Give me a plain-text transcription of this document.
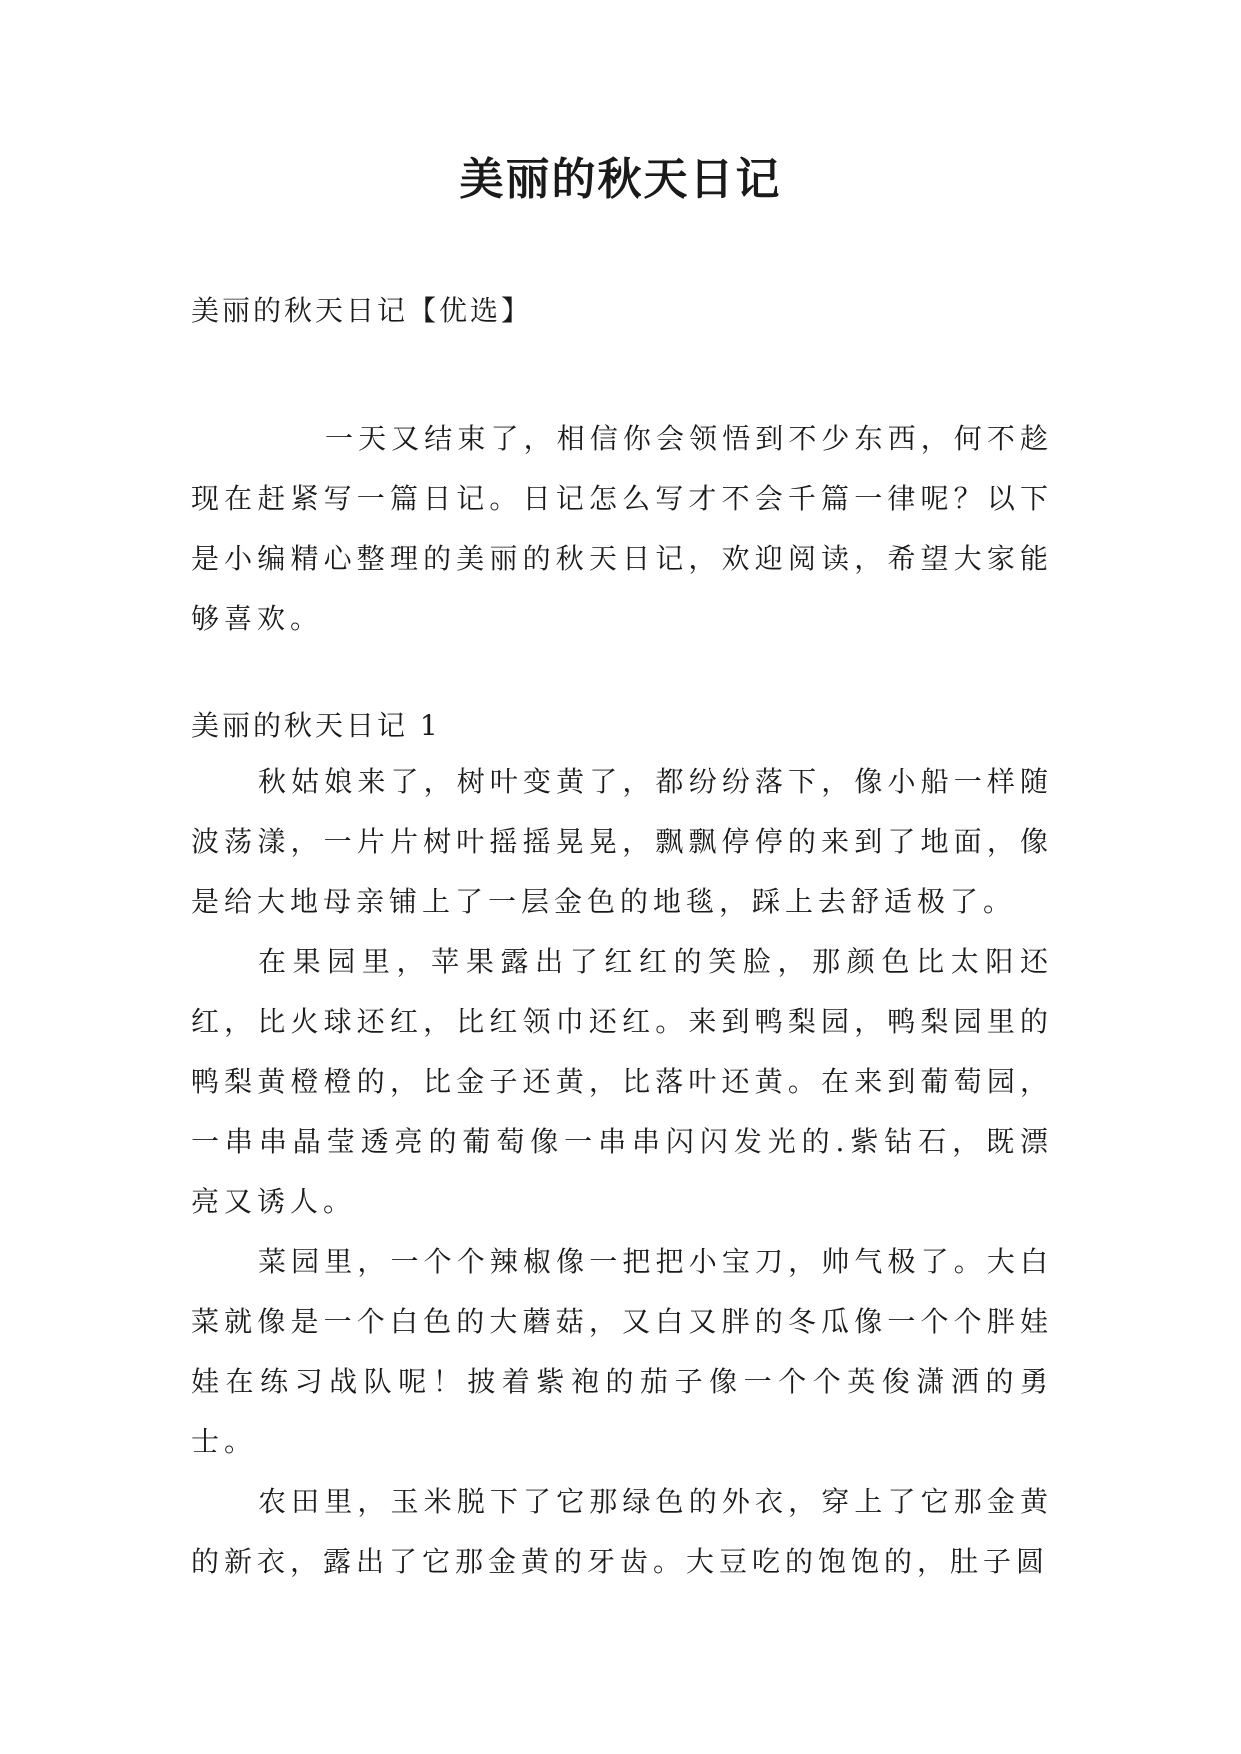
美丽的秋天日记

美丽的秋天日记【优选】

一天又结束了，相信你会领悟到不少东西，何不趁现在赶紧写一篇日记。日记怎么写才不会千篇一律呢？以下是小编精心整理的美丽的秋天日记，欢迎阅读，希望大家能够喜欢。

美丽的秋天日记 1

秋姑娘来了，树叶变黄了，都纷纷落下，像小船一样随波荡漾，一片片树叶摇摇晃晃，飘飘停停的来到了地面，像是给大地母亲铺上了一层金色的地毯，踩上去舒适极了。

在果园里，苹果露出了红红的笑脸，那颜色比太阳还红，比火球还红，比红领巾还红。来到鸭梨园，鸭梨园里的鸭梨黄橙橙的，比金子还黄，比落叶还黄。在来到葡萄园，一串串晶莹透亮的葡萄像一串串闪闪发光的.紫钻石，既漂亮又诱人。

菜园里，一个个辣椒像一把把小宝刀，帅气极了。大白菜就像是一个白色的大蘑菇，又白又胖的冬瓜像一个个胖娃娃在练习战队呢！披着紫袍的茄子像一个个英俊潇洒的勇士。

农田里，玉米脱下了它那绿色的外衣，穿上了它那金黄的新衣，露出了它那金黄的牙齿。大豆吃的饱饱的，肚子圆
